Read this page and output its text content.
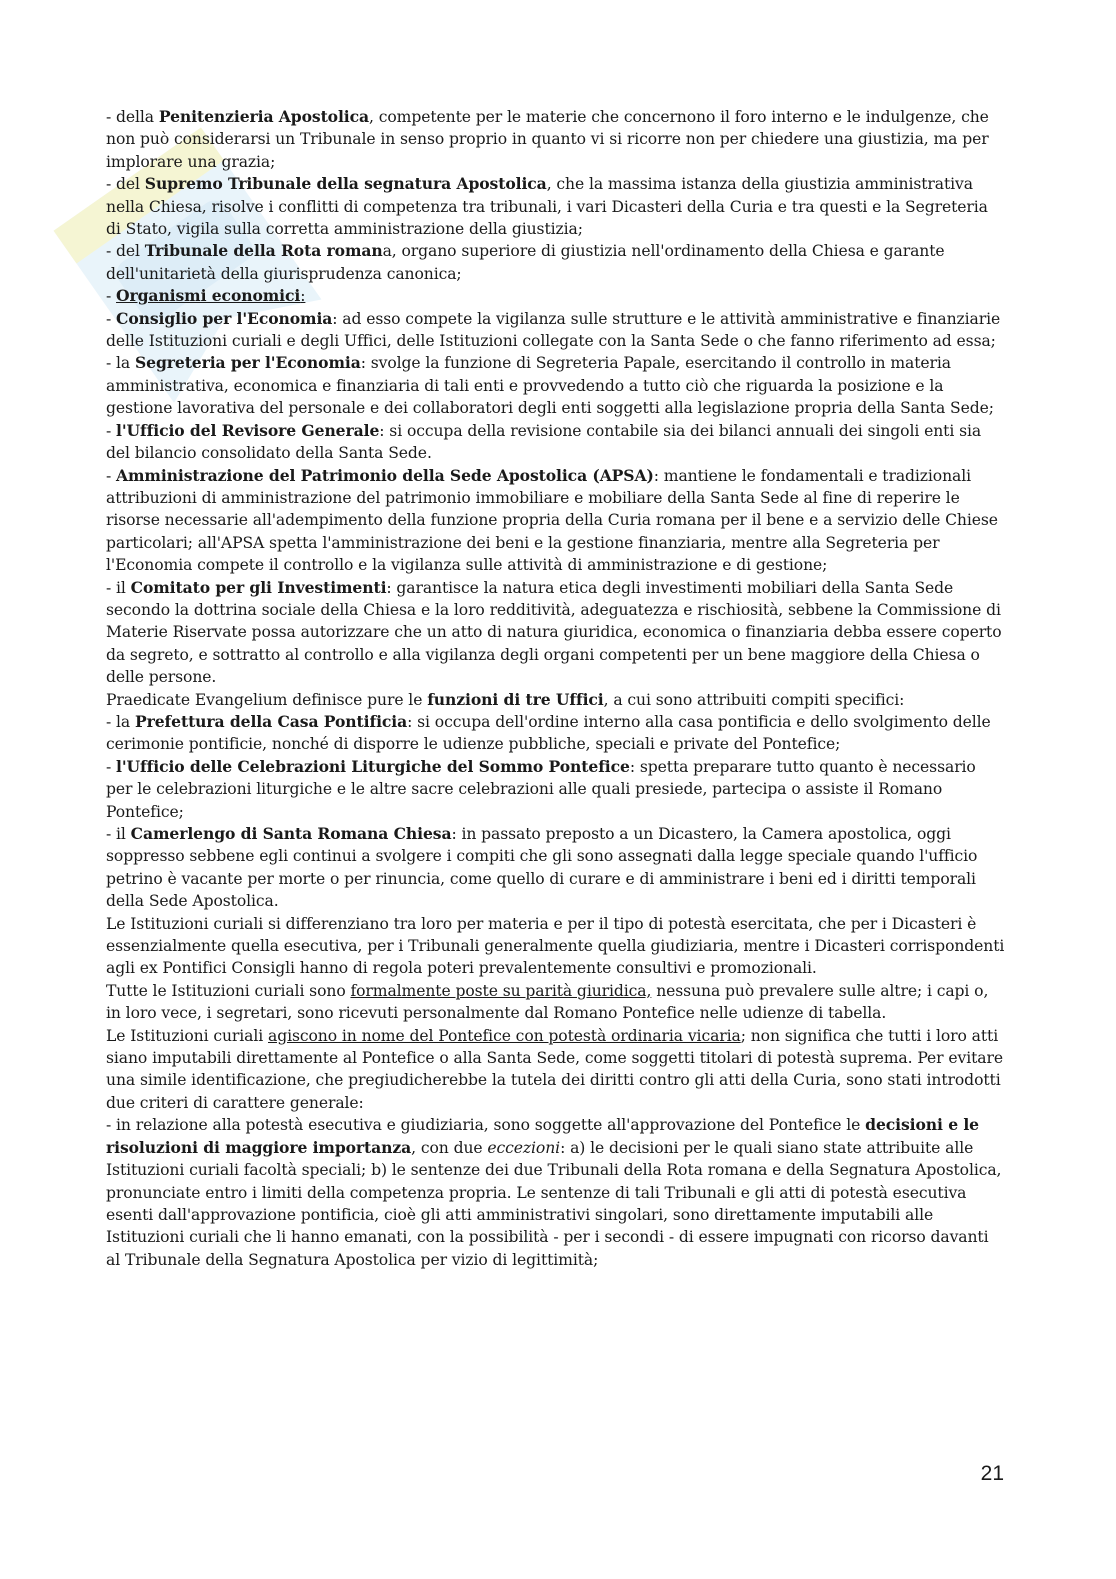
- della Penitenzieria Apostolica, competente per le materie che concernono il foro interno e le indulgenze, che non può considerarsi un Tribunale in senso proprio in quanto vi si ricorre non per chiedere una giustizia, ma per implorare una grazia;

- del Supremo Tribunale della segnatura Apostolica, che la massima istanza della giustizia amministrativa nella Chiesa, risolve i conflitti di competenza tra tribunali, i vari Dicasteri della Curia e tra questi e la Segreteria di Stato, vigila sulla corretta amministrazione della giustizia;

- del Tribunale della Rota romana, organo superiore di giustizia nell'ordinamento della Chiesa e garante dell'unitarietà della giurisprudenza canonica;

- Organismi economici:

- Consiglio per l'Economia: ad esso compete la vigilanza sulle strutture e le attività amministrative e finanziarie delle Istituzioni curiali e degli Uffici, delle Istituzioni collegate con la Santa Sede o che fanno riferimento ad essa;

- la Segreteria per l'Economia: svolge la funzione di Segreteria Papale, esercitando il controllo in materia amministrativa, economica e finanziaria di tali enti e provvedendo a tutto ciò che riguarda la posizione e la gestione lavorativa del personale e dei collaboratori degli enti soggetti alla legislazione propria della Santa Sede;

- l'Ufficio del Revisore Generale: si occupa della revisione contabile sia dei bilanci annuali dei singoli enti sia del bilancio consolidato della Santa Sede.

- Amministrazione del Patrimonio della Sede Apostolica (APSA): mantiene le fondamentali e tradizionali attribuzioni di amministrazione del patrimonio immobiliare e mobiliare della Santa Sede al fine di reperire le risorse necessarie all'adempimento della funzione propria della Curia romana per il bene e a servizio delle Chiese particolari; all'APSA spetta l'amministrazione dei beni e la gestione finanziaria, mentre alla Segreteria per l'Economia compete il controllo e la vigilanza sulle attività di amministrazione e di gestione;

- il Comitato per gli Investimenti: garantisce la natura etica degli investimenti mobiliari della Santa Sede secondo la dottrina sociale della Chiesa e la loro redditività, adeguatezza e rischiosità, sebbene la Commissione di Materie Riservate possa autorizzare che un atto di natura giuridica, economica o finanziaria debba essere coperto da segreto, e sottratto al controllo e alla vigilanza degli organi competenti per un bene maggiore della Chiesa o delle persone.

Praedicate Evangelium definisce pure le funzioni di tre Uffici, a cui sono attribuiti compiti specifici:

- la Prefettura della Casa Pontificia: si occupa dell'ordine interno alla casa pontificia e dello svolgimento delle cerimonie pontificie, nonché di disporre le udienze pubbliche, speciali e private del Pontefice;

- l'Ufficio delle Celebrazioni Liturgiche del Sommo Pontefice: spetta preparare tutto quanto è necessario per le celebrazioni liturgiche e le altre sacre celebrazioni alle quali presiede, partecipa o assiste il Romano Pontefice;

- il Camerlengo di Santa Romana Chiesa: in passato preposto a un Dicastero, la Camera apostolica, oggi soppresso sebbene egli continui a svolgere i compiti che gli sono assegnati dalla legge speciale quando l'ufficio petrino è vacante per morte o per rinuncia, come quello di curare e di amministrare i beni ed i diritti temporali della Sede Apostolica.

Le Istituzioni curiali si differenziano tra loro per materia e per il tipo di potestà esercitata, che per i Dicasteri è essenzialmente quella esecutiva, per i Tribunali generalmente quella giudiziaria, mentre i Dicasteri corrispondenti agli ex Pontifici Consigli hanno di regola poteri prevalentemente consultivi e promozionali.

Tutte le Istituzioni curiali sono formalmente poste su parità giuridica, nessuna può prevalere sulle altre; i capi o, in loro vece, i segretari, sono ricevuti personalmente dal Romano Pontefice nelle udienze di tabella.

Le Istituzioni curiali agiscono in nome del Pontefice con potestà ordinaria vicaria; non significa che tutti i loro atti siano imputabili direttamente al Pontefice o alla Santa Sede, come soggetti titolari di potestà suprema. Per evitare una simile identificazione, che pregiudicherebbe la tutela dei diritti contro gli atti della Curia, sono stati introdotti due criteri di carattere generale:

- in relazione alla potestà esecutiva e giudiziaria, sono soggette all'approvazione del Pontefice le decisioni e le risoluzioni di maggiore importanza, con due eccezioni: a) le decisioni per le quali siano state attribuite alle Istituzioni curiali facoltà speciali; b) le sentenze dei due Tribunali della Rota romana e della Segnatura Apostolica, pronunciate entro i limiti della competenza propria. Le sentenze di tali Tribunali e gli atti di potestà esecutiva esenti dall'approvazione pontificia, cioè gli atti amministrativi singolari, sono direttamente imputabili alle Istituzioni curiali che li hanno emanati, con la possibilità - per i secondi - di essere impugnati con ricorso davanti al Tribunale della Segnatura Apostolica per vizio di legittimità;

21
